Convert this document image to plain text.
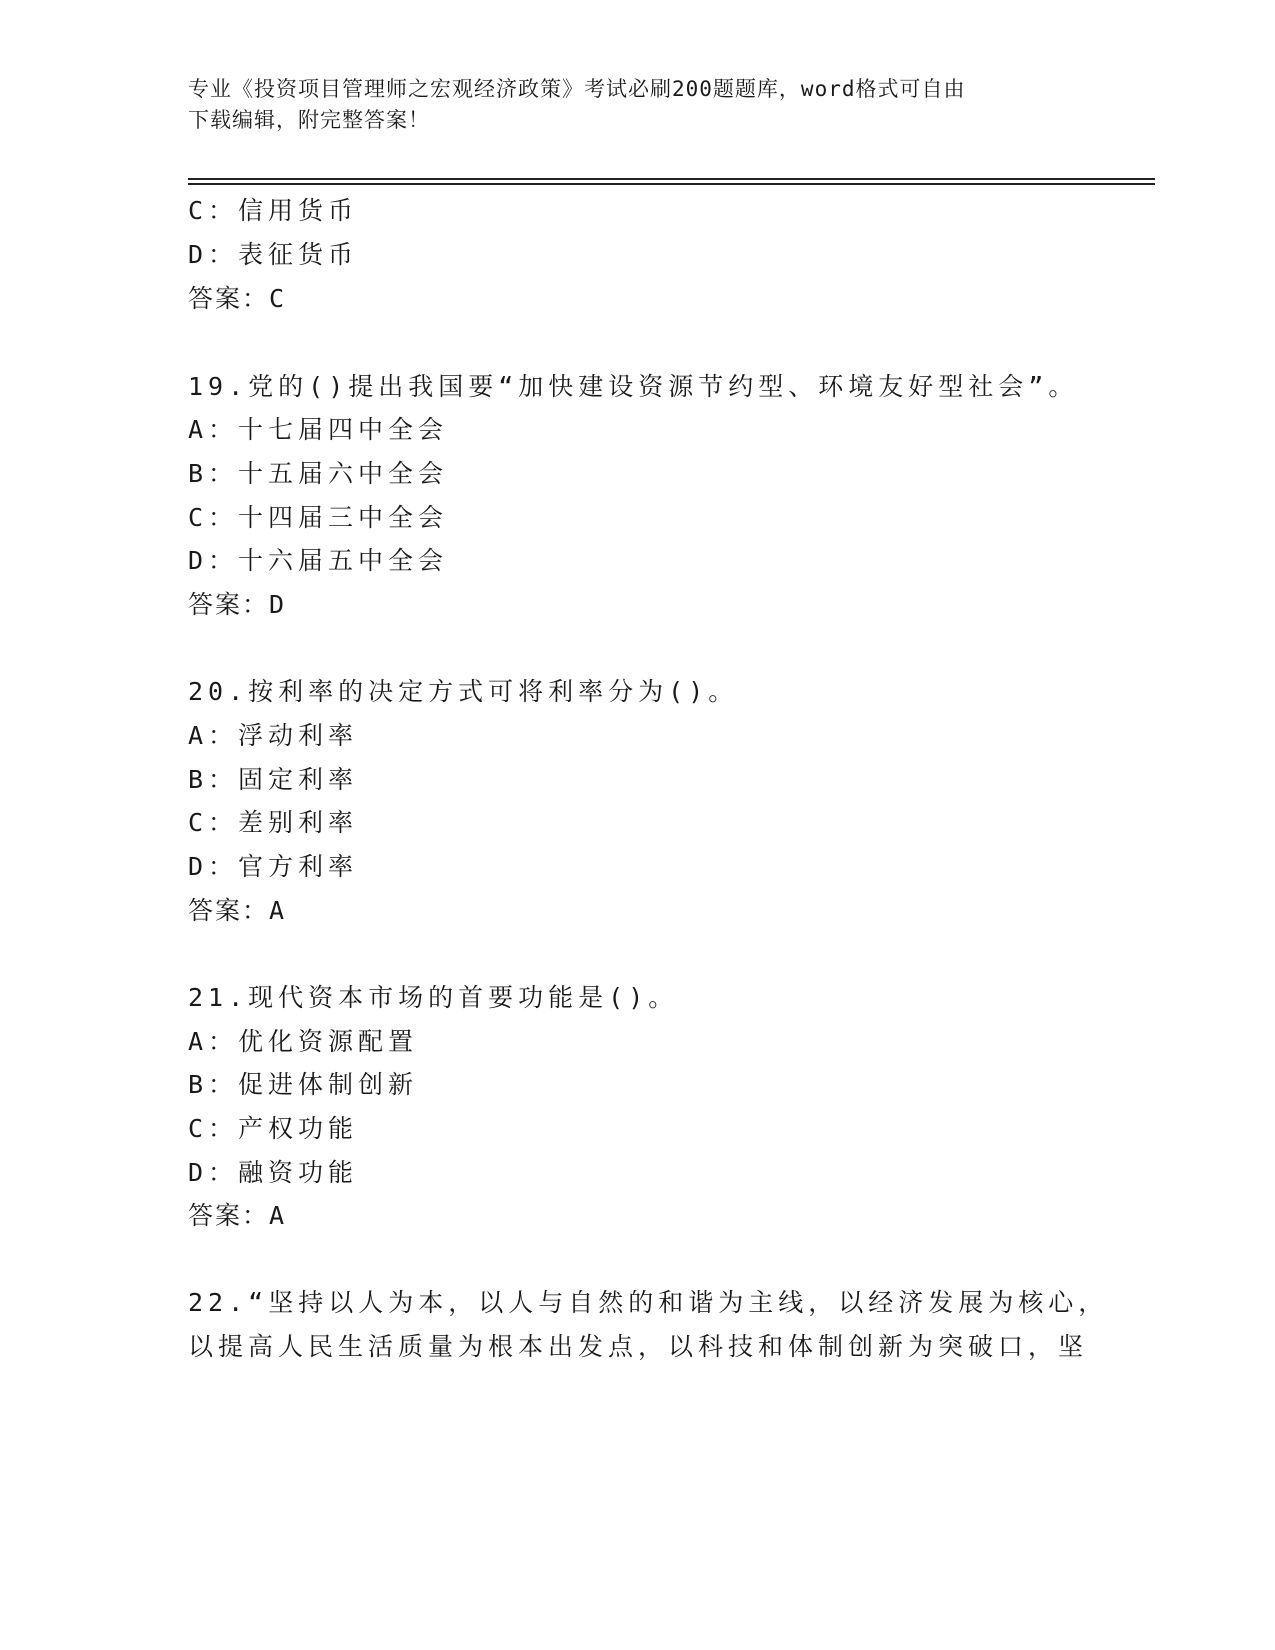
专业《投资项目管理师之宏观经济政策》考试必刷200题题库，word格式可自由
下载编辑，附完整答案！
C：信用货币
D：表征货币
答案：C
19.党的()提出我国要“加快建设资源节约型、环境友好型社会”。
A：十七届四中全会
B：十五届六中全会
C：十四届三中全会
D：十六届五中全会
答案：D
20.按利率的决定方式可将利率分为()。
A：浮动利率
B：固定利率
C：差别利率
D：官方利率
答案：A
21.现代资本市场的首要功能是()。
A：优化资源配置
B：促进体制创新
C：产权功能
D：融资功能
答案：A
22.“坚持以人为本，以人与自然的和谐为主线，以经济发展为核心，
以提高人民生活质量为根本出发点，以科技和体制创新为突破口，坚
